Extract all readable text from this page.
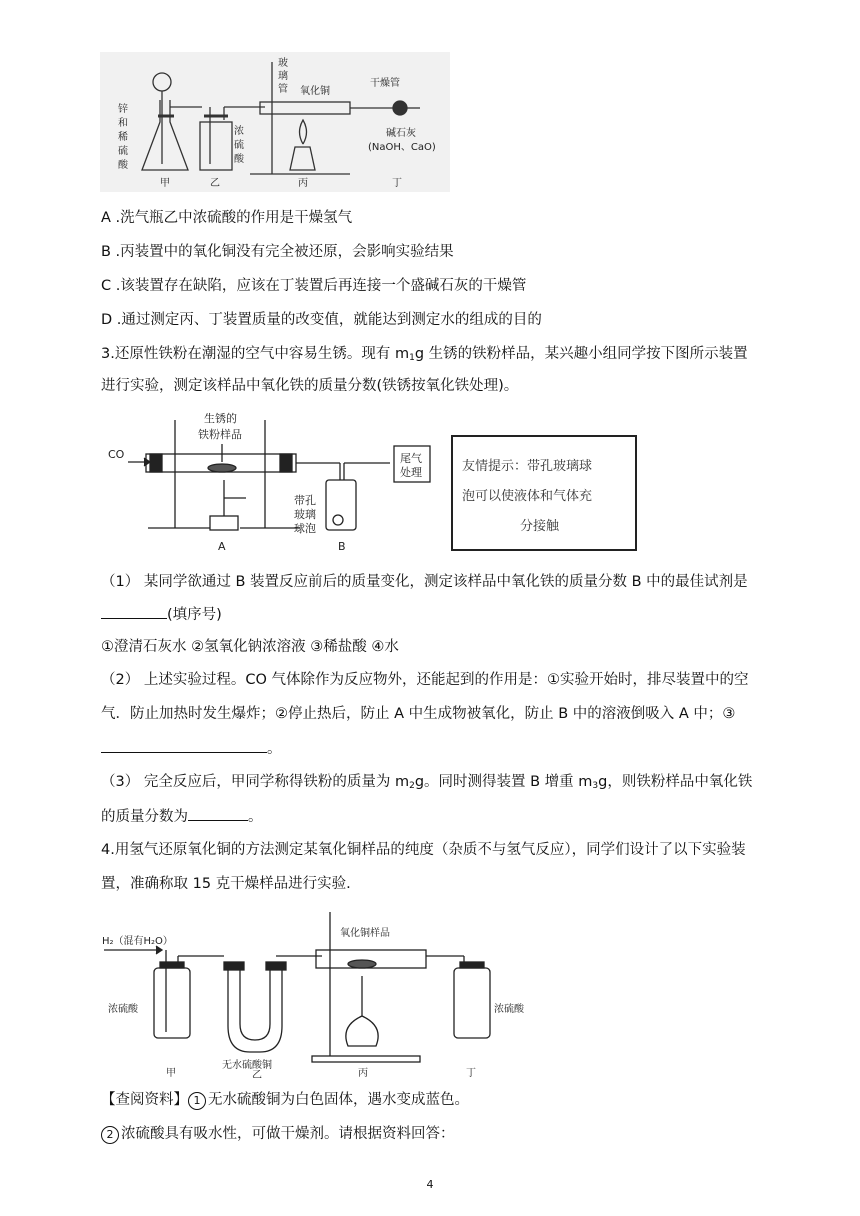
锌
和
稀
硫
酸
浓
硫
酸
玻
璃
管 氧化铜
干燥管
碱石灰
(NaOH、CaO)
甲	乙	丙	丁
A .洗气瓶乙中浓硫酸的作用是干燥氢气
B .丙装置中的氧化铜没有完全被还原，会影响实验结果
C .该装置存在缺陷，应该在丁装置后再连接一个盛碱石灰的干燥管
D .通过测定丙、丁装置质量的改变值，就能达到测定水的组成的目的
3.还原性铁粉在潮湿的空气中容易生锈。现有 $m_1g$ 生锈的铁粉样品，某兴趣小组同学按下图所示装置
进行实验，测定该样品中氧化铁的质量分数(铁锈按氧化铁处理)。
CO
生锈的
铁粉样品
尾气
处理
带孔
玻璃
球泡
A	B
友情提示：带孔玻璃球
泡可以使液体和气体充
分接触
（1） 某同学欲通过 B 装置反应前后的质量变化，测定该样品中氧化铁的质量分数 B 中的最佳试剂是
(填序号)
①澄清石灰水 ②氢氧化钠浓溶液 ③稀盐酸 ④水
（2） 上述实验过程。CO 气体除作为反应物外，还能起到的作用是：①实验开始时，排尽装置中的空
气．防止加热时发生爆炸；②停止热后，防止 A 中生成物被氧化，防止 B 中的溶液倒吸入 A 中；③
。
（3） 完全反应后，甲同学称得铁粉的质量为 $m_2g$。同时测得装置 B 增重 $m_3g$，则铁粉样品中氧化铁
的质量分数为	。
4.用氢气还原氧化铜的方法测定某氧化铜样品的纯度（杂质不与氢气反应），同学们设计了以下实验装
置，准确称取 15 克干燥样品进行实验.
H₂（混有H₂O）
氧化铜样品
浓硫酸	浓硫酸
无水硫酸铜
甲	乙	丙	丁
【查阅资料】 1 无水硫酸铜为白色固体，遇水变成蓝色。
2 浓硫酸具有吸水性，可做干燥剂。请根据资料回答：
4
